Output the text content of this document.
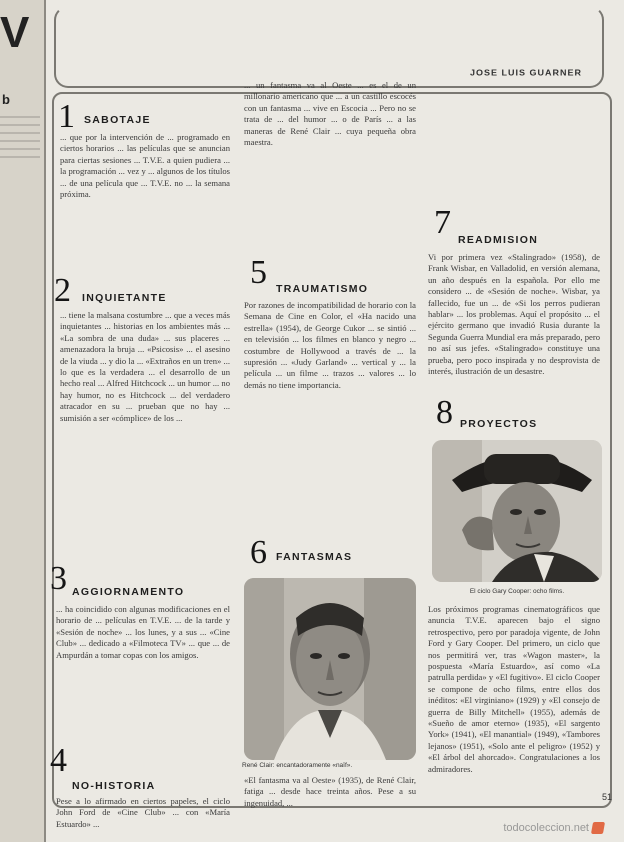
V
b
JOSE LUIS GUARNER
1 SABOTAJE
... que por la intervención de ... programado en ciertos horarios ... las películas que se anuncian para ciertas sesiones ... T.V.E. a quien pudiera ... la programación ... vez y ... algunos de los títulos ... de una película que ... T.V.E. no ... la semana próxima.
... un fantasma va al Oeste ... es el de un millonario americano que ... a un castillo escocés con un fantasma ... vive en Escocia ... Pero no se trata de ... del humor ... o de París ... a las maneras de René Clair ... cuya pequeña obra maestra.
2 INQUIETANTE
... tiene la malsana costumbre ... que a veces más inquietantes ... historias en los ambientes más ... «La sombra de una duda» ... sus placeres ... amenazadora la bruja ... «Psicosis» ... el asesino de la viuda ... y dio la ... «Extraños en un tren» ... lo que es la verdadera ... el desarrollo de un hecho real ... Alfred Hitchcock ... un humor ... no hay humor, no es Hitchcock ... del verdadero atracador en su ... prueban que no hay ... sumisión a ser «cómplice» de los ...
3 AGGIORNAMENTO
... ha coincidido con algunas modificaciones en el horario de ... películas en T.V.E. ... de la tarde y «Sesión de noche» ... los lunes, y a sus ... «Cine Club» ... dedicado a «Filmoteca TV» ... que ... de Ampurdán a tomar copas con los amigos.
4
NO-HISTORIA
Pese a lo afirmado en ciertos papeles, el ciclo John Ford de «Cine Club» ... con «María Estuardo» ...
5 TRAUMATISMO
Por razones de incompatibilidad de horario con la Semana de Cine en Color, el «Ha nacido una estrella» (1954), de George Cukor ... se sintió ... en televisión ... los filmes en blanco y negro ... costumbre de Hollywood a través de ... la supresión ... «Judy Garland» ... vertical y ... la película ... un filme ... trazos ... valores ... lo demás no tiene importancia.
6 FANTASMAS
René Clair: encantadoramente «naïf».
«El fantasma va al Oeste» (1935), de René Clair, fatiga ... desde hace treinta años. Pese a su ingenuidad, ...
7 READMISION
Vi por primera vez «Stalingrado» (1958), de Frank Wisbar, en Valladolid, en versión alemana, un año después en la española. Por ello me considero ... de «Sesión de noche». Wisbar, ya fallecido, fue un ... de «Si los perros pudieran hablar» ... los problemas. Aquí el propósito ... el ejército germano que invadió Rusia durante la Segunda Guerra Mundial era más preparado, pero no así sus jefes. «Stalingrado» constituye una prueba, pero poco inspirada y no desprovista de interés, ilustración de un desastre.
8 PROYECTOS
El ciclo Gary Cooper: ocho films.
Los próximos programas cinematográficos que anuncia T.V.E. aparecen bajo el signo retrospectivo, pero por paradoja vigente, de John Ford y Gary Cooper. Del primero, un ciclo que nos permitirá ver, tras «Wagon master», la pospuesta «María Estuardo», así como «La patrulla perdida» y «El fugitivo». El ciclo Cooper se compone de ocho films, entre ellos dos inéditos: «El virginiano» (1929) y «El consejo de guerra de Billy Mitchell» (1955), además de «Sueño de amor eterno» (1935), «El sargento York» (1941), «El manantial» (1949), «Tambores lejanos» (1951), «Solo ante el peligro» (1952) y «El árbol del ahorcado». Congratulaciones a los admiradores.
51
todocoleccion.net
